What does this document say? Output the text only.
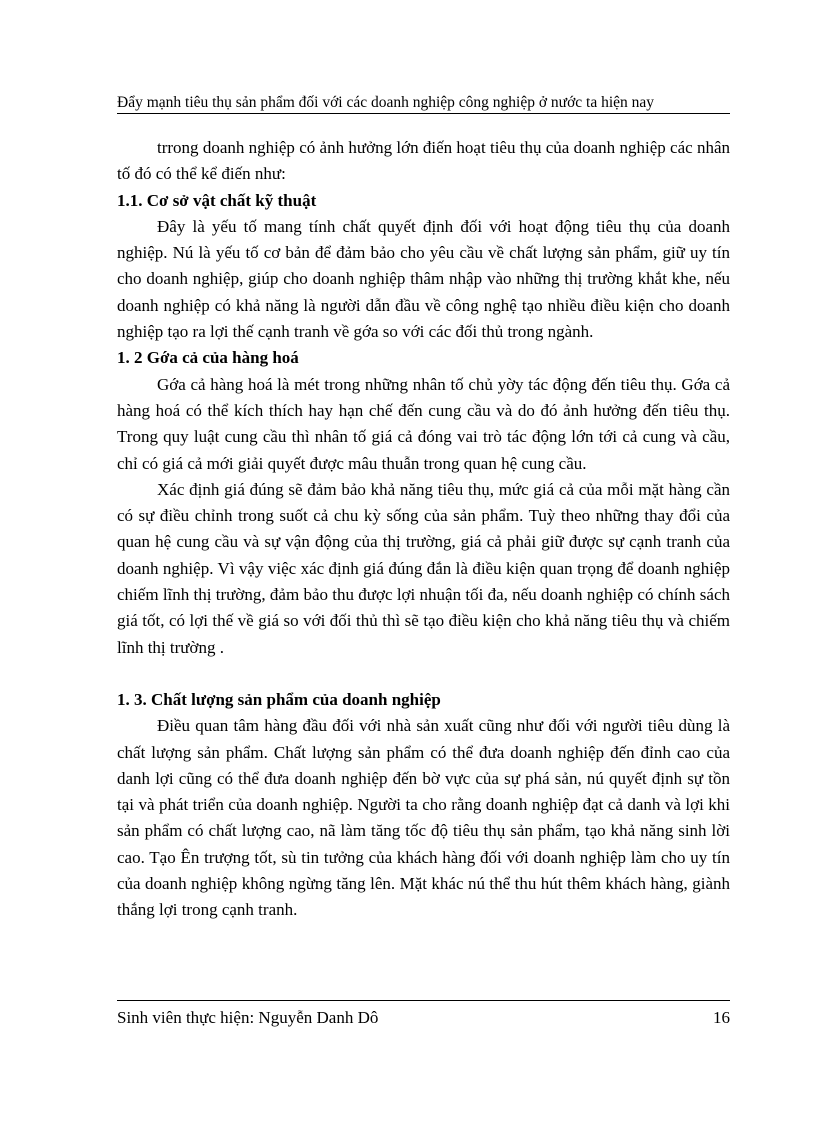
Đẩy mạnh tiêu thụ sản phẩm đối với các doanh nghiệp công nghiệp ở nước ta hiện nay

trrong doanh nghiệp có ảnh hưởng lớn điến hoạt tiêu thụ của doanh nghiệp các nhân tố đó có thể kể điến như:

1.1. Cơ sở vật chất kỹ thuật

Đây là yếu tố mang tính chất quyết định đối với hoạt động tiêu thụ của doanh nghiệp. Nú là yếu tố cơ bản để đảm bảo cho yêu cầu về chất lượng sản phẩm, giữ uy tín cho doanh nghiệp, giúp cho doanh nghiệp thâm nhập vào những thị trường khắt khe, nếu doanh nghiệp có khả năng là người dẫn đầu về công nghệ tạo nhiều điều kiện cho doanh nghiệp tạo ra lợi thế cạnh tranh về gớa so với các đối thủ trong ngành.

1. 2 Gớa cả của hàng hoá

Gớa cả hàng hoá là mét trong những nhân tố chủ yờy tác động đến tiêu thụ. Gớa cả hàng hoá có thể kích thích hay hạn chế đến cung cầu và do đó ảnh hưởng đến tiêu thụ. Trong quy luật cung cầu thì nhân tố giá cả đóng vai trò tác động lớn tới cả cung và cầu, chỉ có giá cả mới giải quyết được mâu thuẫn trong quan hệ cung cầu.

Xác định giá đúng sẽ đảm bảo khả năng tiêu thụ, mức giá cả của mỗi mặt hàng cần có sự điều chỉnh trong suốt cả chu kỳ sống của sản phẩm. Tuỳ theo những thay đổi của quan hệ cung cầu và sự vận động của thị trường, giá cả phải giữ được sự cạnh tranh của doanh nghiệp. Vì vậy việc xác định giá đúng đắn là điều kiện quan trọng để doanh nghiệp chiếm lĩnh thị trường, đảm bảo thu được lợi nhuận tối đa, nếu doanh nghiệp có chính sách giá tốt, có lợi thế về giá so với đối thủ thì sẽ tạo điều kiện cho khả năng tiêu thụ và chiếm lĩnh thị trường .

1. 3. Chất lượng sản phẩm của doanh nghiệp

Điều quan tâm hàng đầu đối với nhà sản xuất cũng như đối với người tiêu dùng là chất lượng sản phẩm. Chất lượng sản phẩm có thể đưa doanh nghiệp đến đỉnh cao của danh lợi cũng có thể đưa doanh nghiệp đến bờ vực của sự phá sản, nú quyết định sự tồn tại và phát triển của doanh nghiệp. Người ta cho rằng doanh nghiệp đạt cả danh và lợi khi sản phẩm có chất lượng cao, nã làm tăng tốc độ tiêu thụ sản phẩm, tạo khả năng sinh lời cao. Tạo Ên trượng tốt, sù tin tưởng của khách hàng đối với doanh nghiệp làm cho uy tín của doanh nghiệp không ngừng tăng lên. Mặt khác nú thể thu hút thêm khách hàng, giành thắng lợi trong cạnh tranh.

Sinh viên thực hiện: Nguyễn Danh Dô	16
